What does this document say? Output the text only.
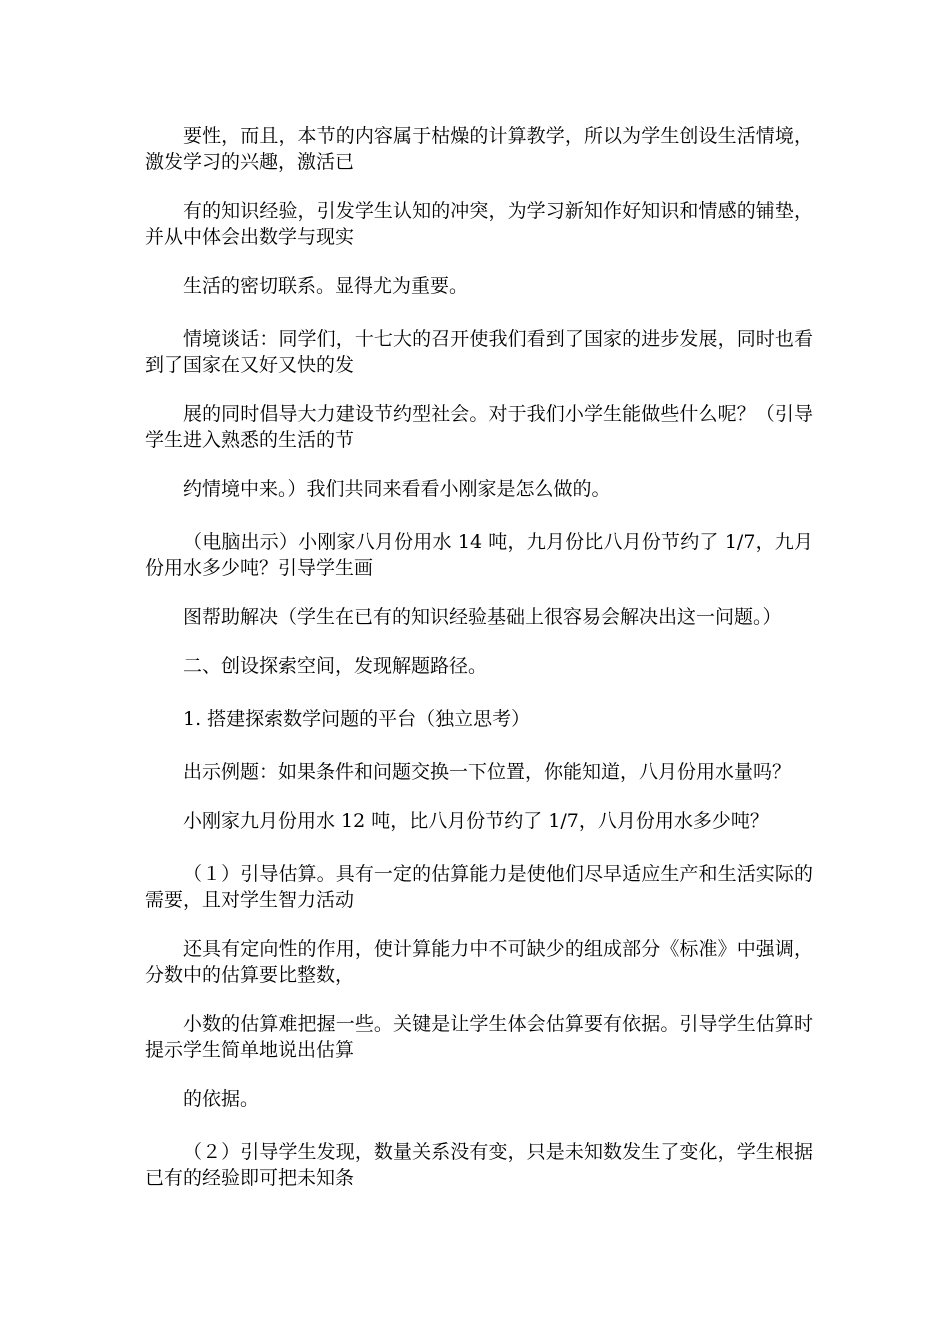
要性，而且，本节的内容属于枯燥的计算教学，所以为学生创设生活情境，激发学习的兴趣，激活已

有的知识经验，引发学生认知的冲突，为学习新知作好知识和情感的铺垫，并从中体会出数学与现实

生活的密切联系。显得尤为重要。

情境谈话：同学们，十七大的召开使我们看到了国家的进步发展，同时也看到了国家在又好又快的发

展的同时倡导大力建设节约型社会。对于我们小学生能做些什么呢？（引导学生进入熟悉的生活的节

约情境中来。）我们共同来看看小刚家是怎么做的。

（电脑出示）小刚家八月份用水 14 吨，九月份比八月份节约了 1/7，九月份用水多少吨？引导学生画

图帮助解决（学生在已有的知识经验基础上很容易会解决出这一问题。）

二、创设探索空间，发现解题路径。

1. 搭建探索数学问题的平台（独立思考）

出示例题：如果条件和问题交换一下位置，你能知道，八月份用水量吗？

小刚家九月份用水 12 吨，比八月份节约了 1/7，八月份用水多少吨？

（１）引导估算。具有一定的估算能力是使他们尽早适应生产和生活实际的需要，且对学生智力活动

还具有定向性的作用，使计算能力中不可缺少的组成部分《标准》中强调，分数中的估算要比整数，

小数的估算难把握一些。关键是让学生体会估算要有依据。引导学生估算时提示学生简单地说出估算

的依据。

（２）引导学生发现，数量关系没有变，只是未知数发生了变化，学生根据已有的经验即可把未知条
